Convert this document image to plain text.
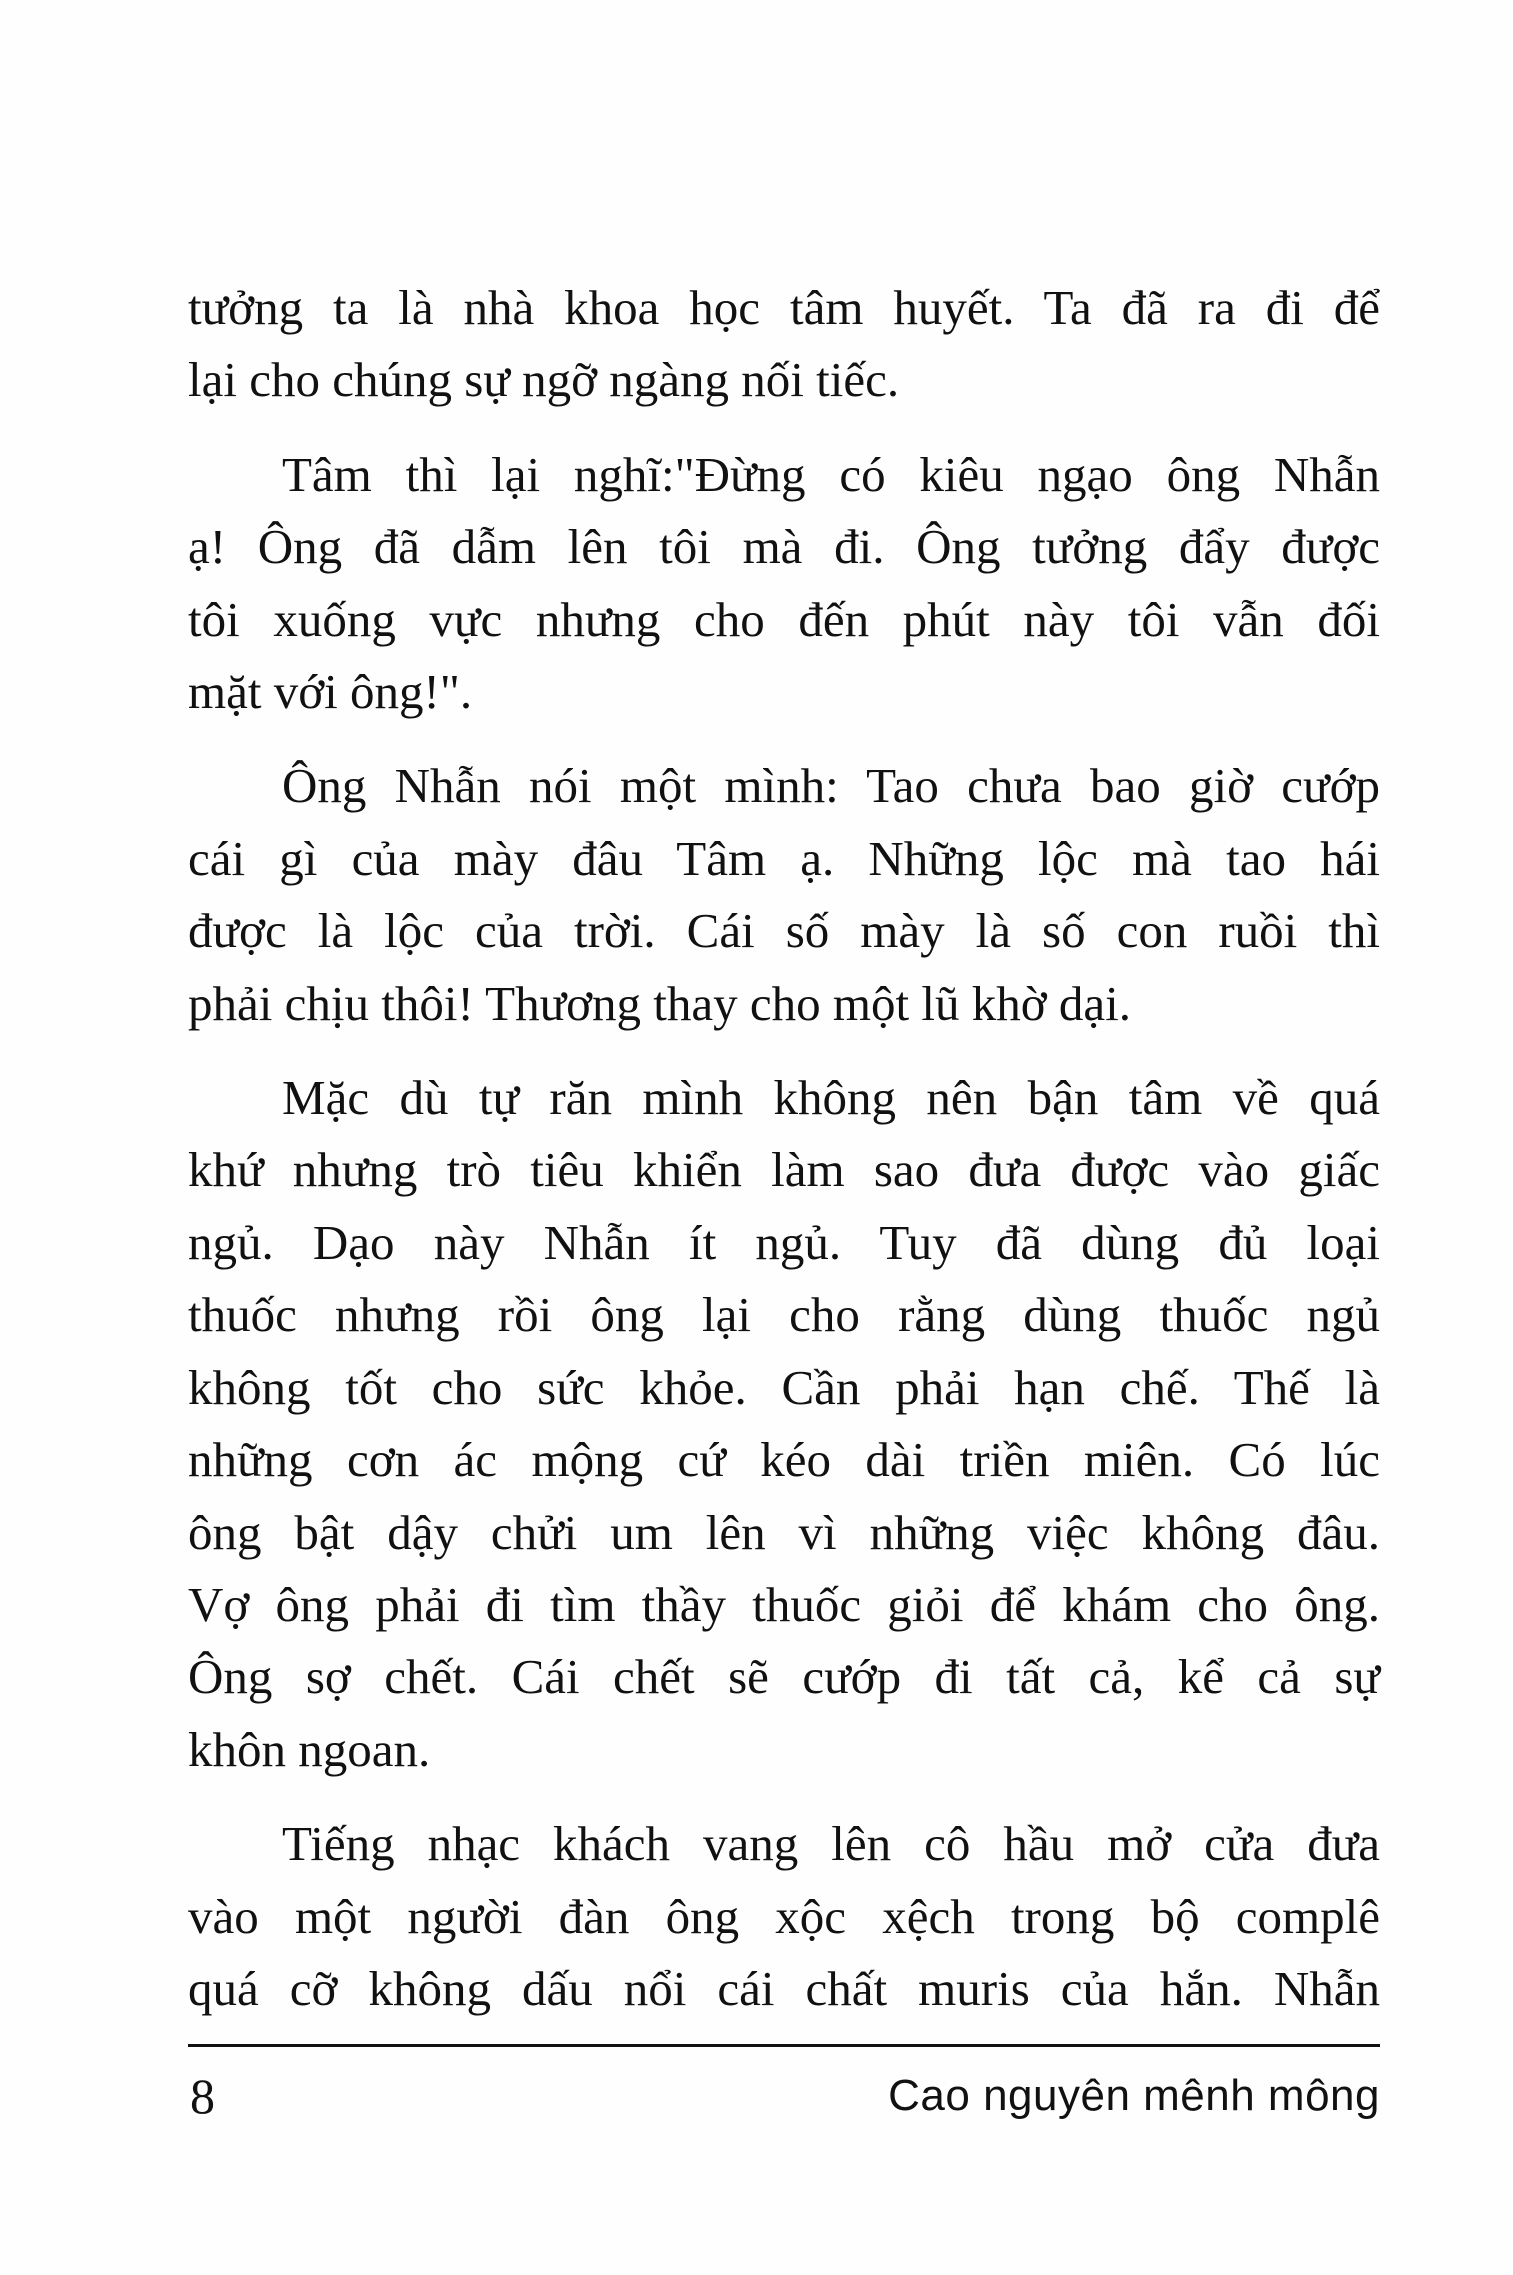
tưởng ta là nhà khoa học tâm huyết. Ta đã ra đi để
lại cho chúng sự ngỡ ngàng nối tiếc.
Tâm thì lại nghĩ:"Đừng có kiêu ngạo ông Nhẫn
ạ! Ông đã dẫm lên tôi mà đi. Ông tưởng đẩy được
tôi xuống vực nhưng cho đến phút này tôi vẫn đối
mặt với ông!".
Ông Nhẫn nói một mình: Tao chưa bao giờ cướp
cái gì của mày đâu Tâm ạ. Những lộc mà tao hái
được là lộc của trời. Cái số mày là số con ruồi thì
phải chịu thôi! Thương thay cho một lũ khờ dại.
Mặc dù tự răn mình không nên bận tâm về quá
khứ nhưng trò tiêu khiển làm sao đưa được vào giấc
ngủ. Dạo này Nhẫn ít ngủ. Tuy đã dùng đủ loại
thuốc nhưng rồi ông lại cho rằng dùng thuốc ngủ
không tốt cho sức khỏe. Cần phải hạn chế. Thế là
những cơn ác mộng cứ kéo dài triền miên. Có lúc
ông bật dậy chửi um lên vì những việc không đâu.
Vợ ông phải đi tìm thầy thuốc giỏi để khám cho ông.
Ông sợ chết. Cái chết sẽ cướp đi tất cả, kể cả sự
khôn ngoan.
Tiếng nhạc khách vang lên cô hầu mở cửa đưa
vào một người đàn ông xộc xệch trong bộ complê
quá cỡ không dấu nổi cái chất muris của hắn. Nhẫn
8	Cao nguyên mênh mông
